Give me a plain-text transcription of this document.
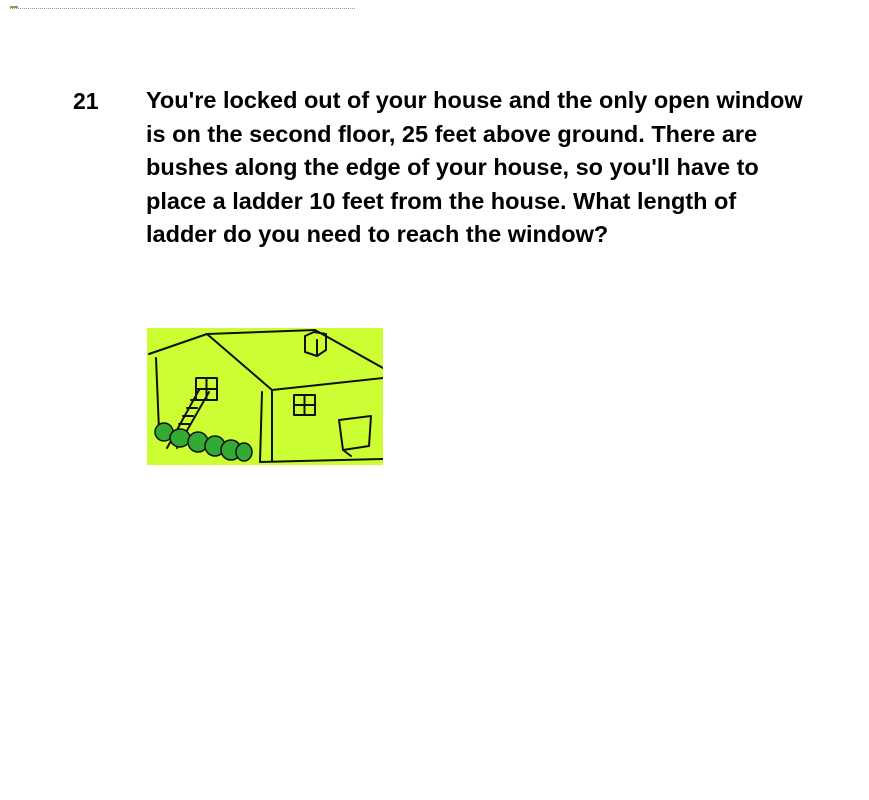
21 You're locked out of your house and the only open window is on the second floor, 25 feet above ground. There are bushes along the edge of your house, so you'll have to place a ladder 10 feet from the house. What length of ladder do you need to reach the window?
